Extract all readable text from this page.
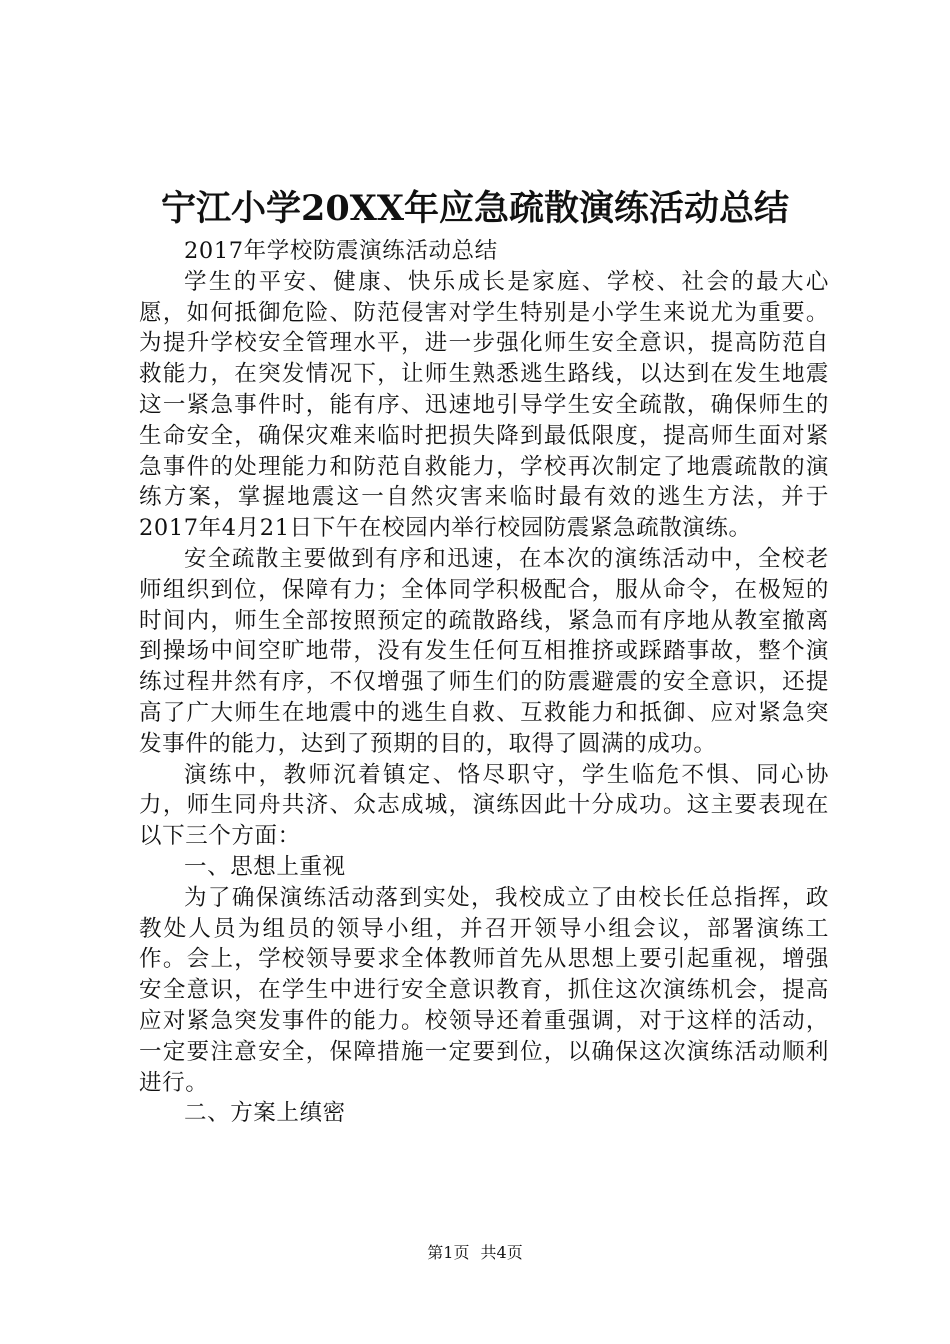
宁江小学20XX年应急疏散演练活动总结

2017年学校防震演练活动总结

学生的平安、健康、快乐成长是家庭、学校、社会的最大心愿，如何抵御危险、防范侵害对学生特别是小学生来说尤为重要。为提升学校安全管理水平，进一步强化师生安全意识，提高防范自救能力，在突发情况下，让师生熟悉逃生路线，以达到在发生地震这一紧急事件时，能有序、迅速地引导学生安全疏散，确保师生的生命安全，确保灾难来临时把损失降到最低限度，提高师生面对紧急事件的处理能力和防范自救能力，学校再次制定了地震疏散的演练方案，掌握地震这一自然灾害来临时最有效的逃生方法，并于2017年4月21日下午在校园内举行校园防震紧急疏散演练。

安全疏散主要做到有序和迅速，在本次的演练活动中，全校老师组织到位，保障有力；全体同学积极配合，服从命令，在极短的时间内，师生全部按照预定的疏散路线，紧急而有序地从教室撤离到操场中间空旷地带，没有发生任何互相推挤或踩踏事故，整个演练过程井然有序，不仅增强了师生们的防震避震的安全意识，还提高了广大师生在地震中的逃生自救、互救能力和抵御、应对紧急突发事件的能力，达到了预期的目的，取得了圆满的成功。

演练中，教师沉着镇定、恪尽职守，学生临危不惧、同心协力，师生同舟共济、众志成城，演练因此十分成功。这主要表现在以下三个方面：

一、思想上重视

为了确保演练活动落到实处，我校成立了由校长任总指挥，政教处人员为组员的领导小组，并召开领导小组会议，部署演练工作。会上，学校领导要求全体教师首先从思想上要引起重视，增强安全意识，在学生中进行安全意识教育，抓住这次演练机会，提高应对紧急突发事件的能力。校领导还着重强调，对于这样的活动，一定要注意安全，保障措施一定要到位，以确保这次演练活动顺利进行。

二、方案上缜密

第1页 共4页
